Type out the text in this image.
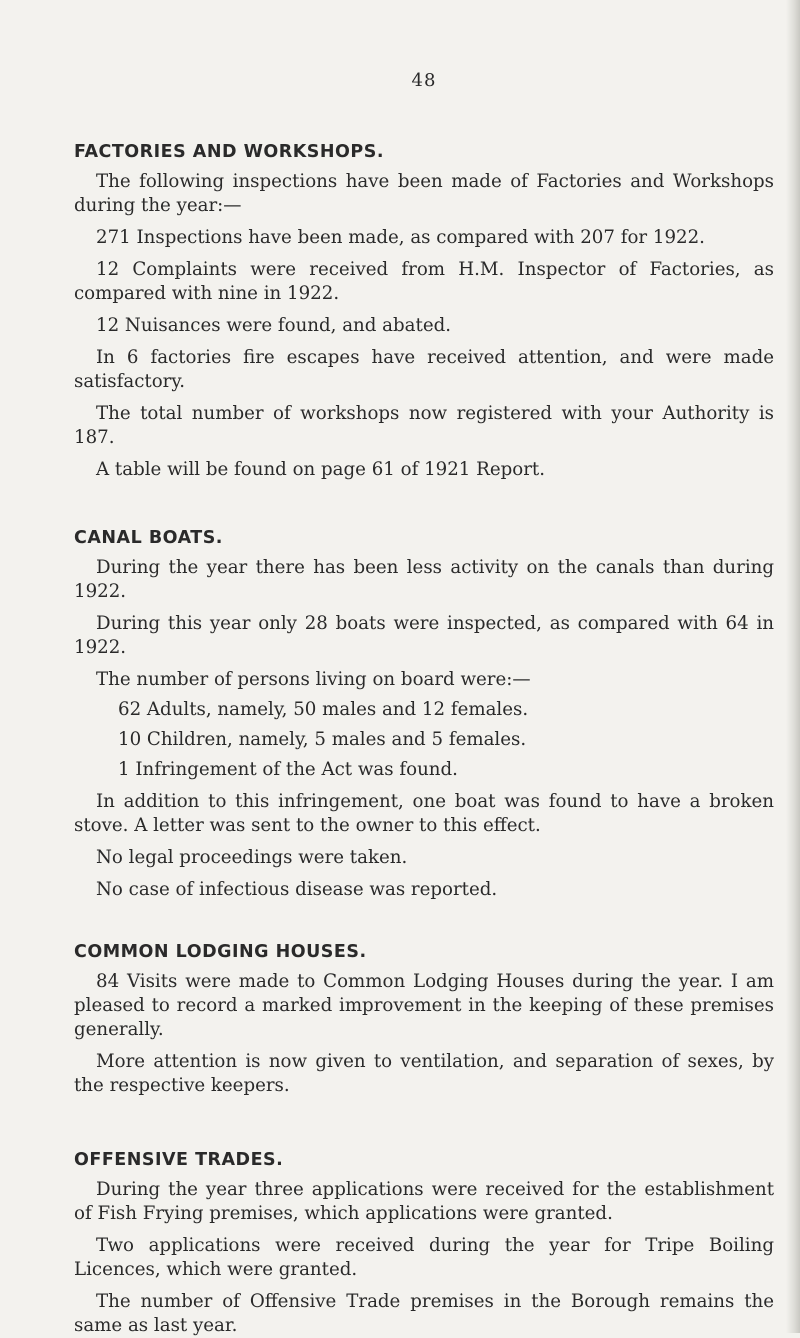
48
FACTORIES AND WORKSHOPS.

The following inspections have been made of Factories and Workshops during the year:—

271 Inspections have been made, as compared with 207 for 1922.

12 Complaints were received from H.M. Inspector of Factories, as compared with nine in 1922.

12 Nuisances were found, and abated.

In 6 factories fire escapes have received attention, and were made satisfactory.

The total number of workshops now registered with your Authority is 187.

A table will be found on page 61 of 1921 Report.

CANAL BOATS.

During the year there has been less activity on the canals than during 1922.

During this year only 28 boats were inspected, as compared with 64 in 1922.

The number of persons living on board were:—

62 Adults, namely, 50 males and 12 females.

10 Children, namely, 5 males and 5 females.

1 Infringement of the Act was found.

In addition to this infringement, one boat was found to have a broken stove. A letter was sent to the owner to this effect.

No legal proceedings were taken.

No case of infectious disease was reported.

COMMON LODGING HOUSES.

84 Visits were made to Common Lodging Houses during the year. I am pleased to record a marked improvement in the keeping of these premises generally.

More attention is now given to ventilation, and separation of sexes, by the respective keepers.

OFFENSIVE TRADES.

During the year three applications were received for the establishment of Fish Frying premises, which applications were granted.

Two applications were received during the year for Tripe Boiling Licences, which were granted.

The number of Offensive Trade premises in the Borough remains the same as last year.
